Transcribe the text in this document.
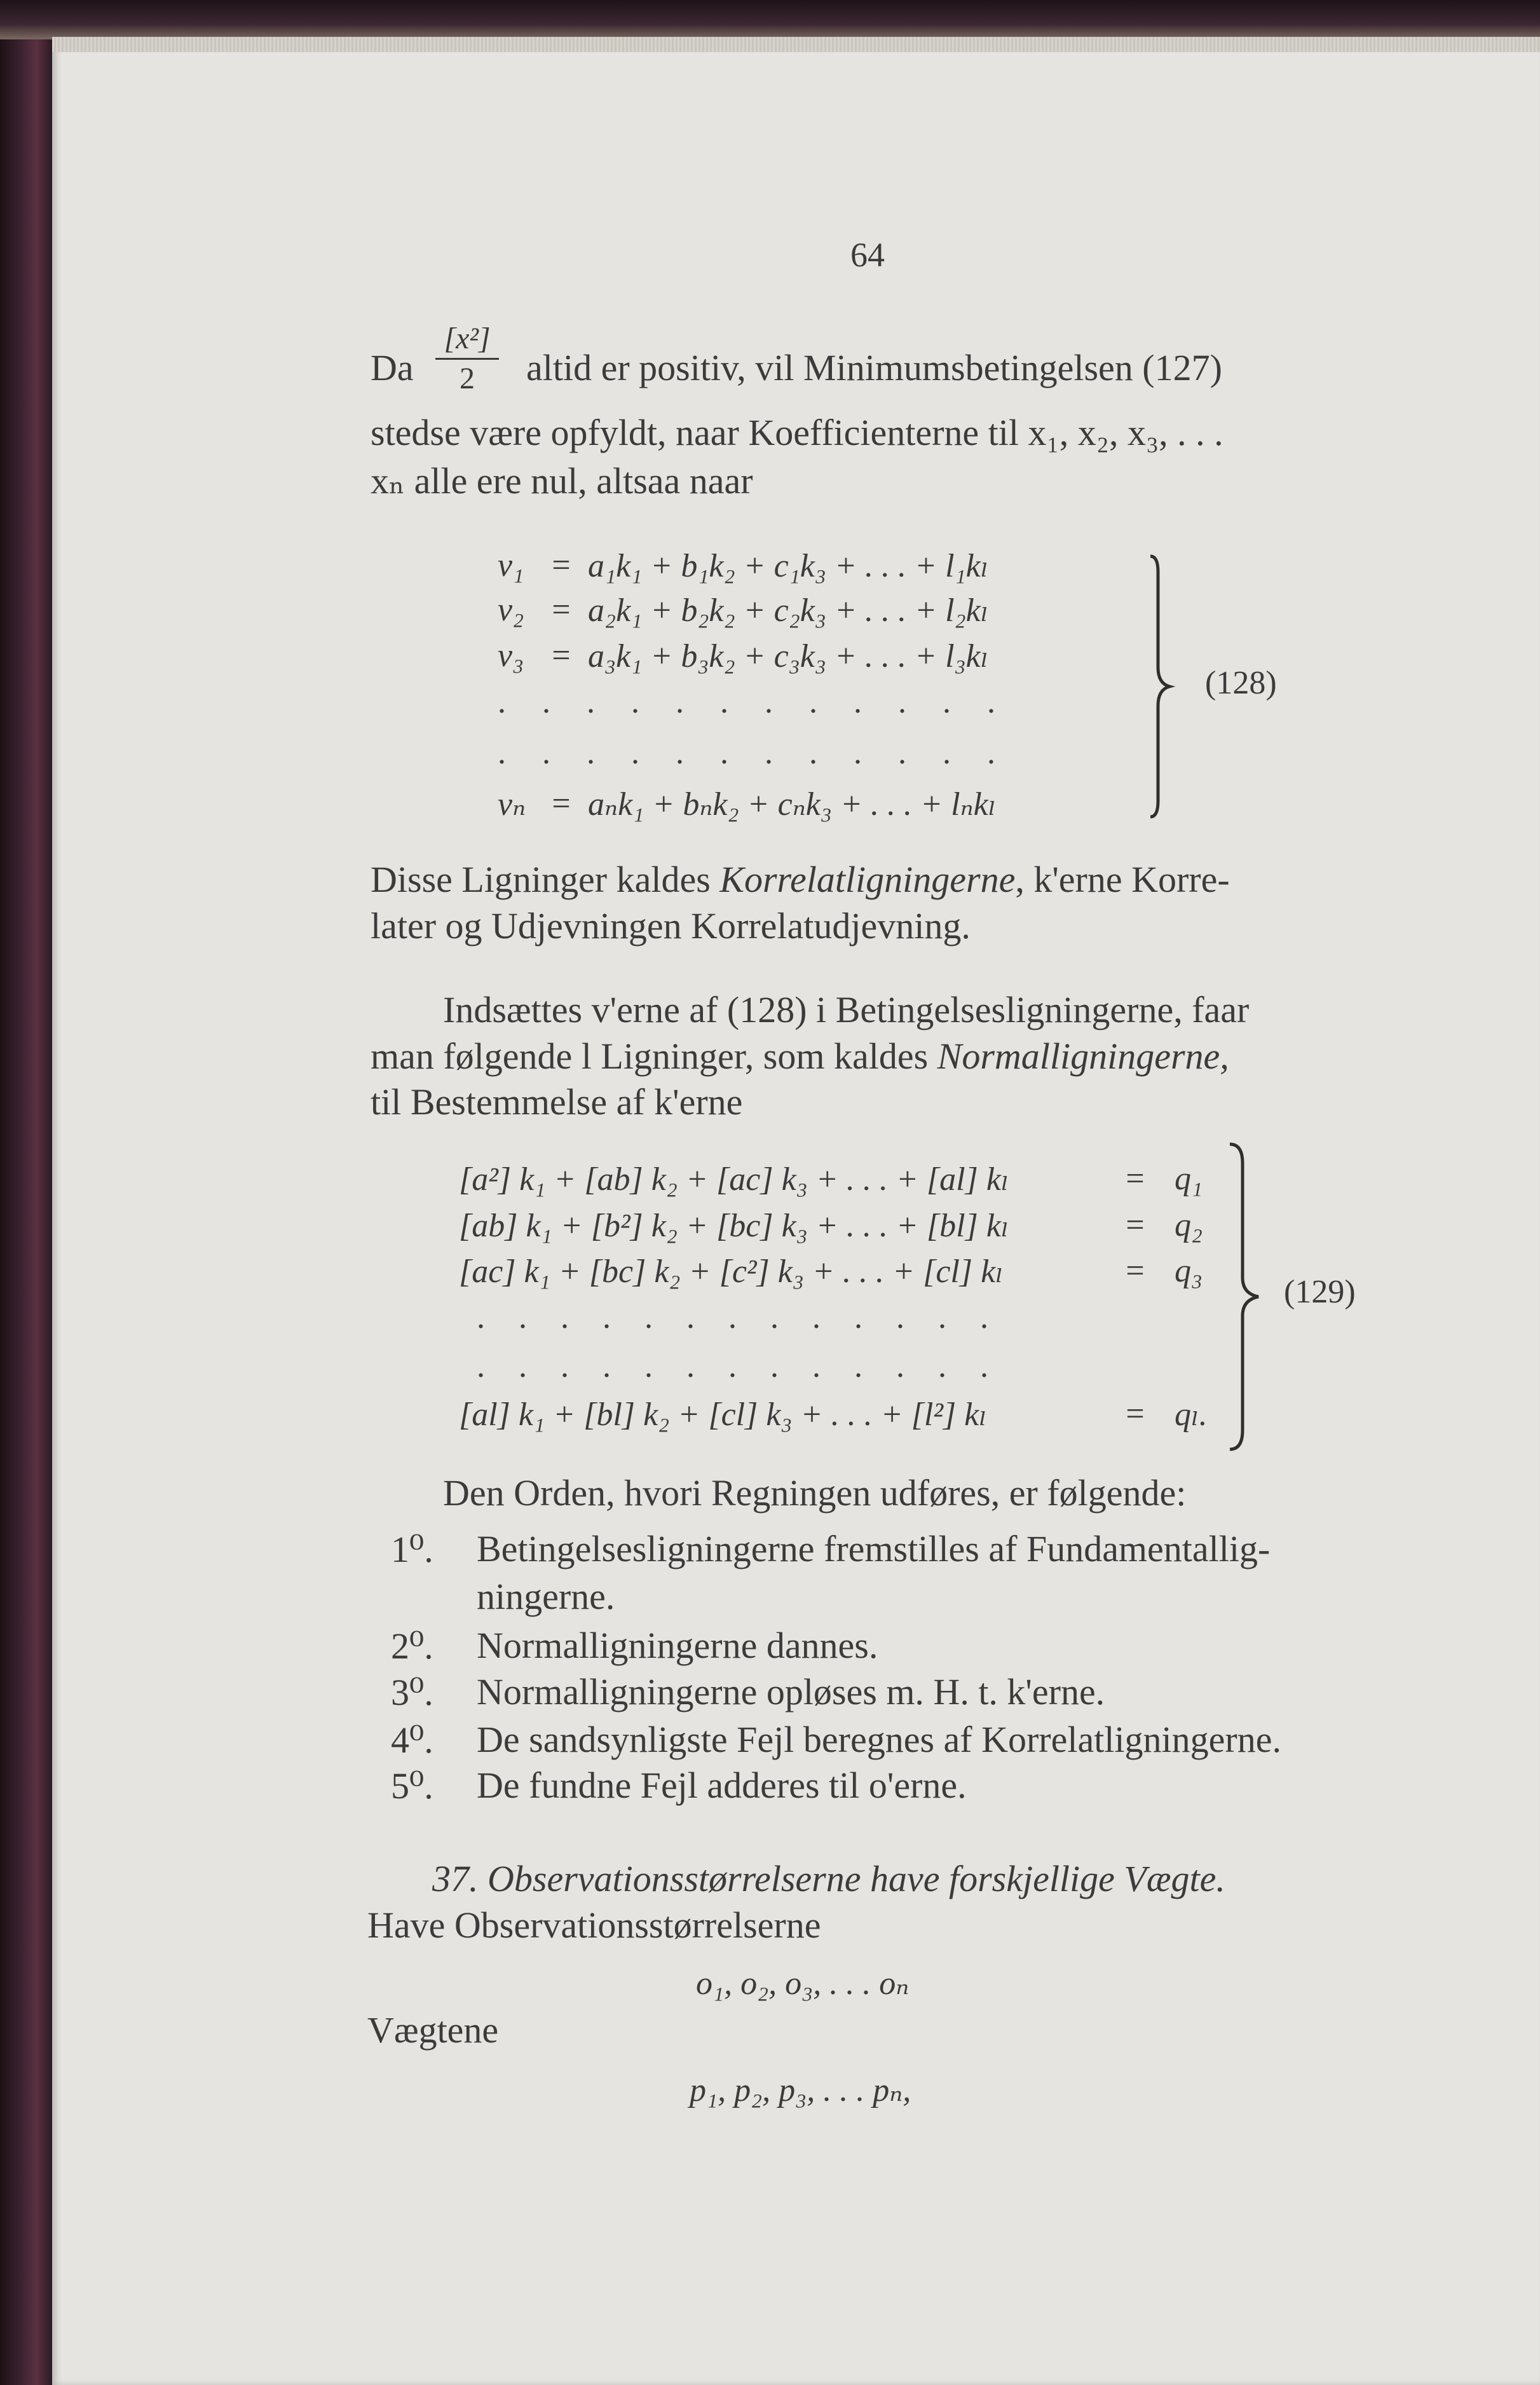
64
Da
[x²]
2	altid er positiv, vil Minimumsbetingelsen (127)
stedse være opfyldt, naar Koefficienterne til x₁, x₂, x₃, . . .
xₙ alle ere nul, altsaa naar
v₁ = a₁k₁ + b₁k₂ + c₁k₃ + . . . + l₁kₗ
v₂ = a₂k₁ + b₂k₂ + c₂k₃ + . . . + l₂kₗ
v₃ = a₃k₁ + b₃k₂ + c₃k₃ + . . . + l₃kₗ
. . . . . . . . . . . .
. . . . . . . . . . . .
vₙ = aₙk₁ + bₙk₂ + cₙk₃ + . . . + lₙkₗ
(128)
Disse Ligninger kaldes Korrelatligningerne, k'erne Korre-
later og Udjevningen Korrelatudjevning.
Indsættes v'erne af (128) i Betingelsesligningerne, faar
man følgende l Ligninger, som kaldes Normalligningerne,
til Bestemmelse af k'erne
[a²] k₁ + [ab] k₂ + [ac] k₃ + . . . + [al] kₗ	= q₁
[ab] k₁ + [b²] k₂ + [bc] k₃ + . . . + [bl] kₗ	= q₂
[ac] k₁ + [bc] k₂ + [c²] k₃ + . . . + [cl] kₗ	= q₃
. . . . . . . . . . . . .
. . . . . . . . . . . . .
[al] k₁ + [bl] k₂ + [cl] k₃ + . . . + [l²] kₗ	= qₗ.
(129)
Den Orden, hvori Regningen udføres, er følgende:
1⁰. Betingelsesligningerne fremstilles af Fundamentallig-
ningerne.
2⁰. Normalligningerne dannes.
3⁰. Normalligningerne opløses m. H. t. k'erne.
4⁰. De sandsynligste Fejl beregnes af Korrelatligningerne.
5⁰. De fundne Fejl adderes til o'erne.
37. Observationsstørrelserne have forskjellige Vægte.
Have Observationsstørrelserne
o₁, o₂, o₃, . . . oₙ
Vægtene
p₁, p₂, p₃, . . . pₙ,
